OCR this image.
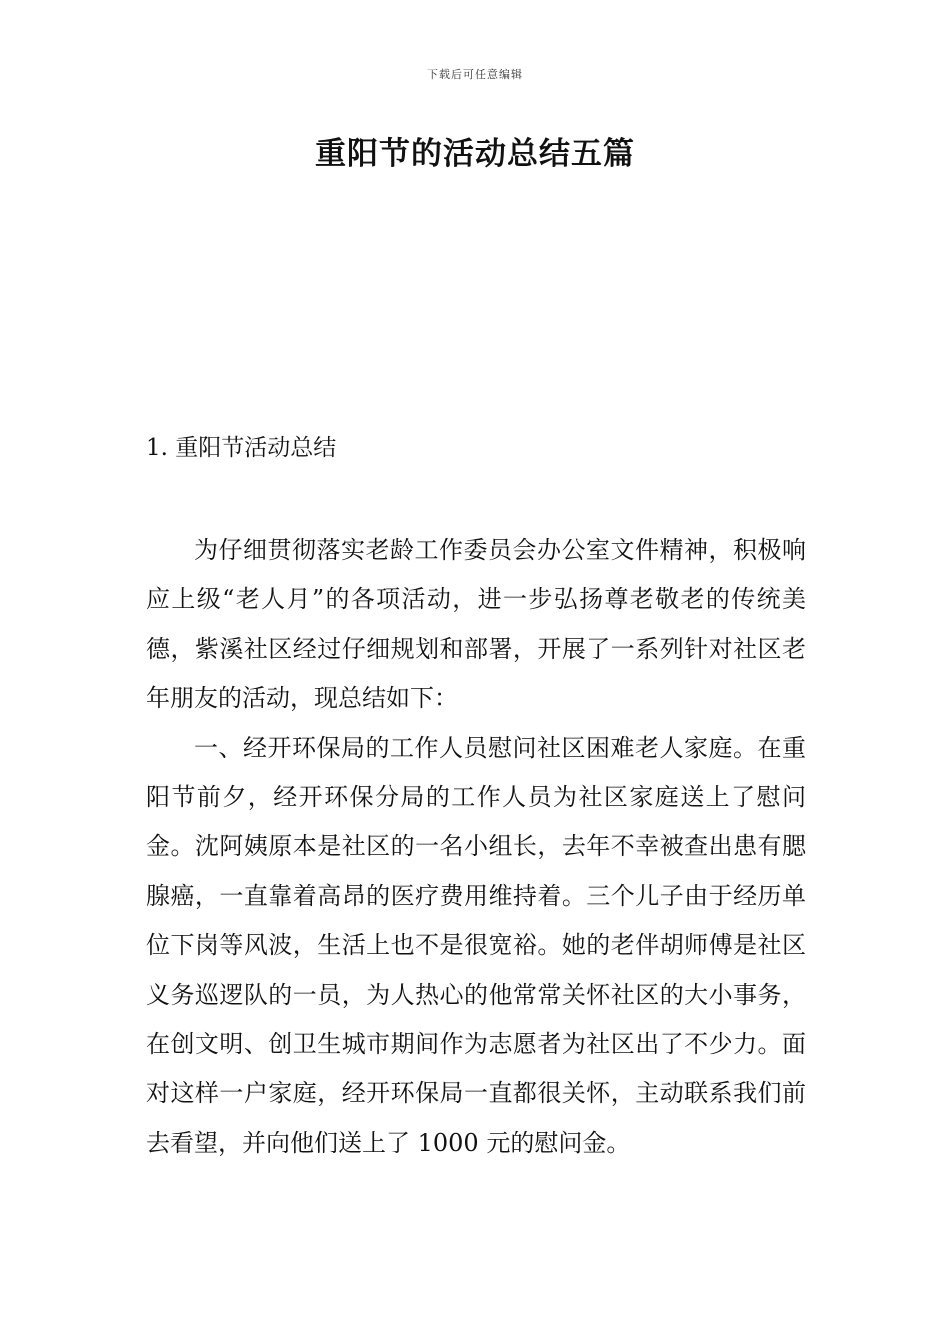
下载后可任意编辑
重阳节的活动总结五篇
1. 重阳节活动总结

为仔细贯彻落实老龄工作委员会办公室文件精神，积极响应上级“老人月”的各项活动，进一步弘扬尊老敬老的传统美德，紫溪社区经过仔细规划和部署，开展了一系列针对社区老年朋友的活动，现总结如下：

一、经开环保局的工作人员慰问社区困难老人家庭。在重阳节前夕，经开环保分局的工作人员为社区家庭送上了慰问金。沈阿姨原本是社区的一名小组长，去年不幸被查出患有腮腺癌，一直靠着高昂的医疗费用维持着。三个儿子由于经历单位下岗等风波，生活上也不是很宽裕。她的老伴胡师傅是社区义务巡逻队的一员，为人热心的他常常关怀社区的大小事务，在创文明、创卫生城市期间作为志愿者为社区出了不少力。面对这样一户家庭，经开环保局一直都很关怀，主动联系我们前去看望，并向他们送上了 1000 元的慰问金。
